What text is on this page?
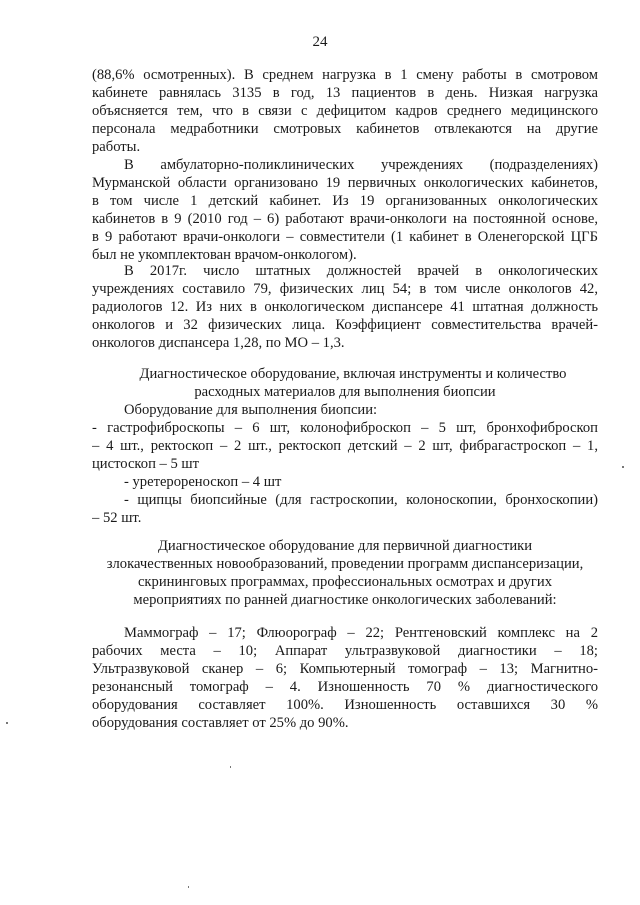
24
(88,6% осмотренных). В среднем нагрузка в 1 смену работы в смотровом
кабинете равнялась 3135 в год, 13 пациентов в день. Низкая нагрузка
объясняется тем, что в связи с дефицитом кадров среднего медицинского
персонала медработники смотровых кабинетов отвлекаются на другие
работы.
В амбулаторно-поликлинических учреждениях (подразделениях)
Мурманской области организовано 19 первичных онкологических кабинетов,
в том числе 1 детский кабинет. Из 19 организованных онкологических
кабинетов в 9 (2010 год – 6) работают врачи-онкологи на постоянной основе,
в 9 работают врачи-онкологи – совместители (1 кабинет в Оленегорской ЦГБ
был не укомплектован врачом-онкологом).
В 2017г. число штатных должностей врачей в онкологических
учреждениях составило 79, физических лиц 54; в том числе онкологов 42,
радиологов 12. Из них в онкологическом диспансере 41 штатная должность
онкологов и 32 физических лица. Коэффициент совместительства врачей-
онкологов диспансера 1,28, по МО – 1,3.
Диагностическое оборудование, включая инструменты и количество
расходных материалов для выполнения биопсии
Оборудование для выполнения биопсии:
- гастрофиброскопы – 6 шт, колонофиброскоп – 5 шт, бронхофиброскоп
– 4 шт., ректоскоп – 2 шт., ректоскоп детский – 2 шт, фибрагастроскоп – 1,
цистоскоп – 5 шт
- уретерореноскоп – 4 шт
- щипцы биопсийные (для гастроскопии, колоноскопии, бронхоскопии)
– 52 шт.
Диагностическое оборудование для первичной диагностики
злокачественных новообразований, проведении программ диспансеризации,
скрининговых программах, профессиональных осмотрах и других
мероприятиях по ранней диагностике онкологических заболеваний:
Маммограф – 17; Флюорограф – 22; Рентгеновский комплекс на 2
рабочих места – 10; Аппарат ультразвуковой диагностики – 18;
Ультразвуковой сканер – 6; Компьютерный томограф – 13; Магнитно-
резонансный томограф – 4. Изношенность 70 % диагностического
оборудования составляет 100%. Изношенность оставшихся 30 %
оборудования составляет от 25% до 90%.
